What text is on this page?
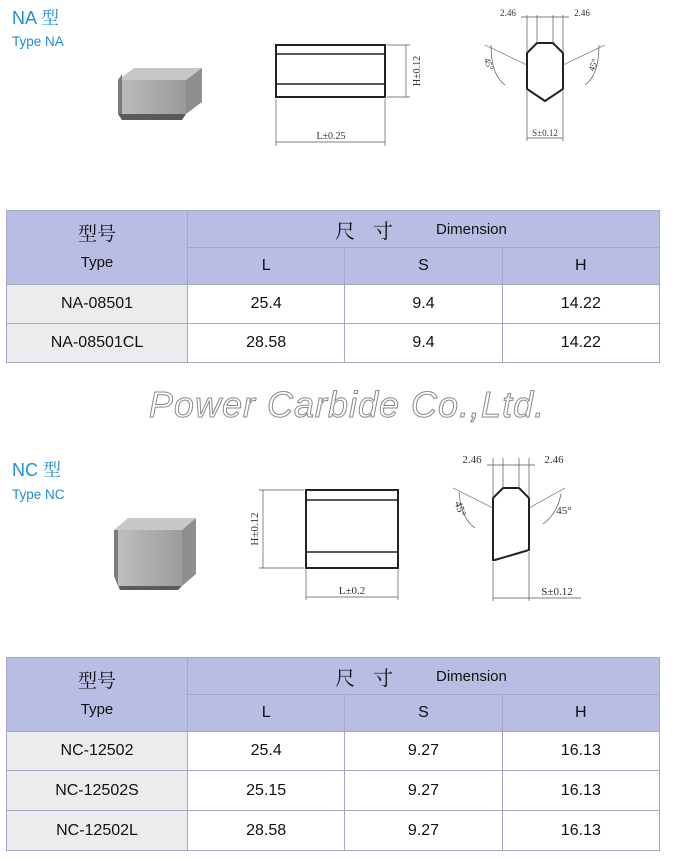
NA 型
Type NA
H±0.12
L±0.25
2.46	2.46
45°	45°
S±0.12
型号
Type	尺寸 Dimension		

	L	S	H
NA-08501	25.4	9.4	14.22
NA-08501CL	28.58	9.4	14.22
Power Carbide Co.,Ltd.
NC 型
Type NC
H±0.12
L±0.2
2.46	2.46
45°	45°
S±0.12
型号
Type	尺寸 Dimension		

	L	S	H
NC-12502	25.4	9.27	16.13
NC-12502S	25.15	9.27	16.13
NC-12502L	28.58	9.27	16.13
